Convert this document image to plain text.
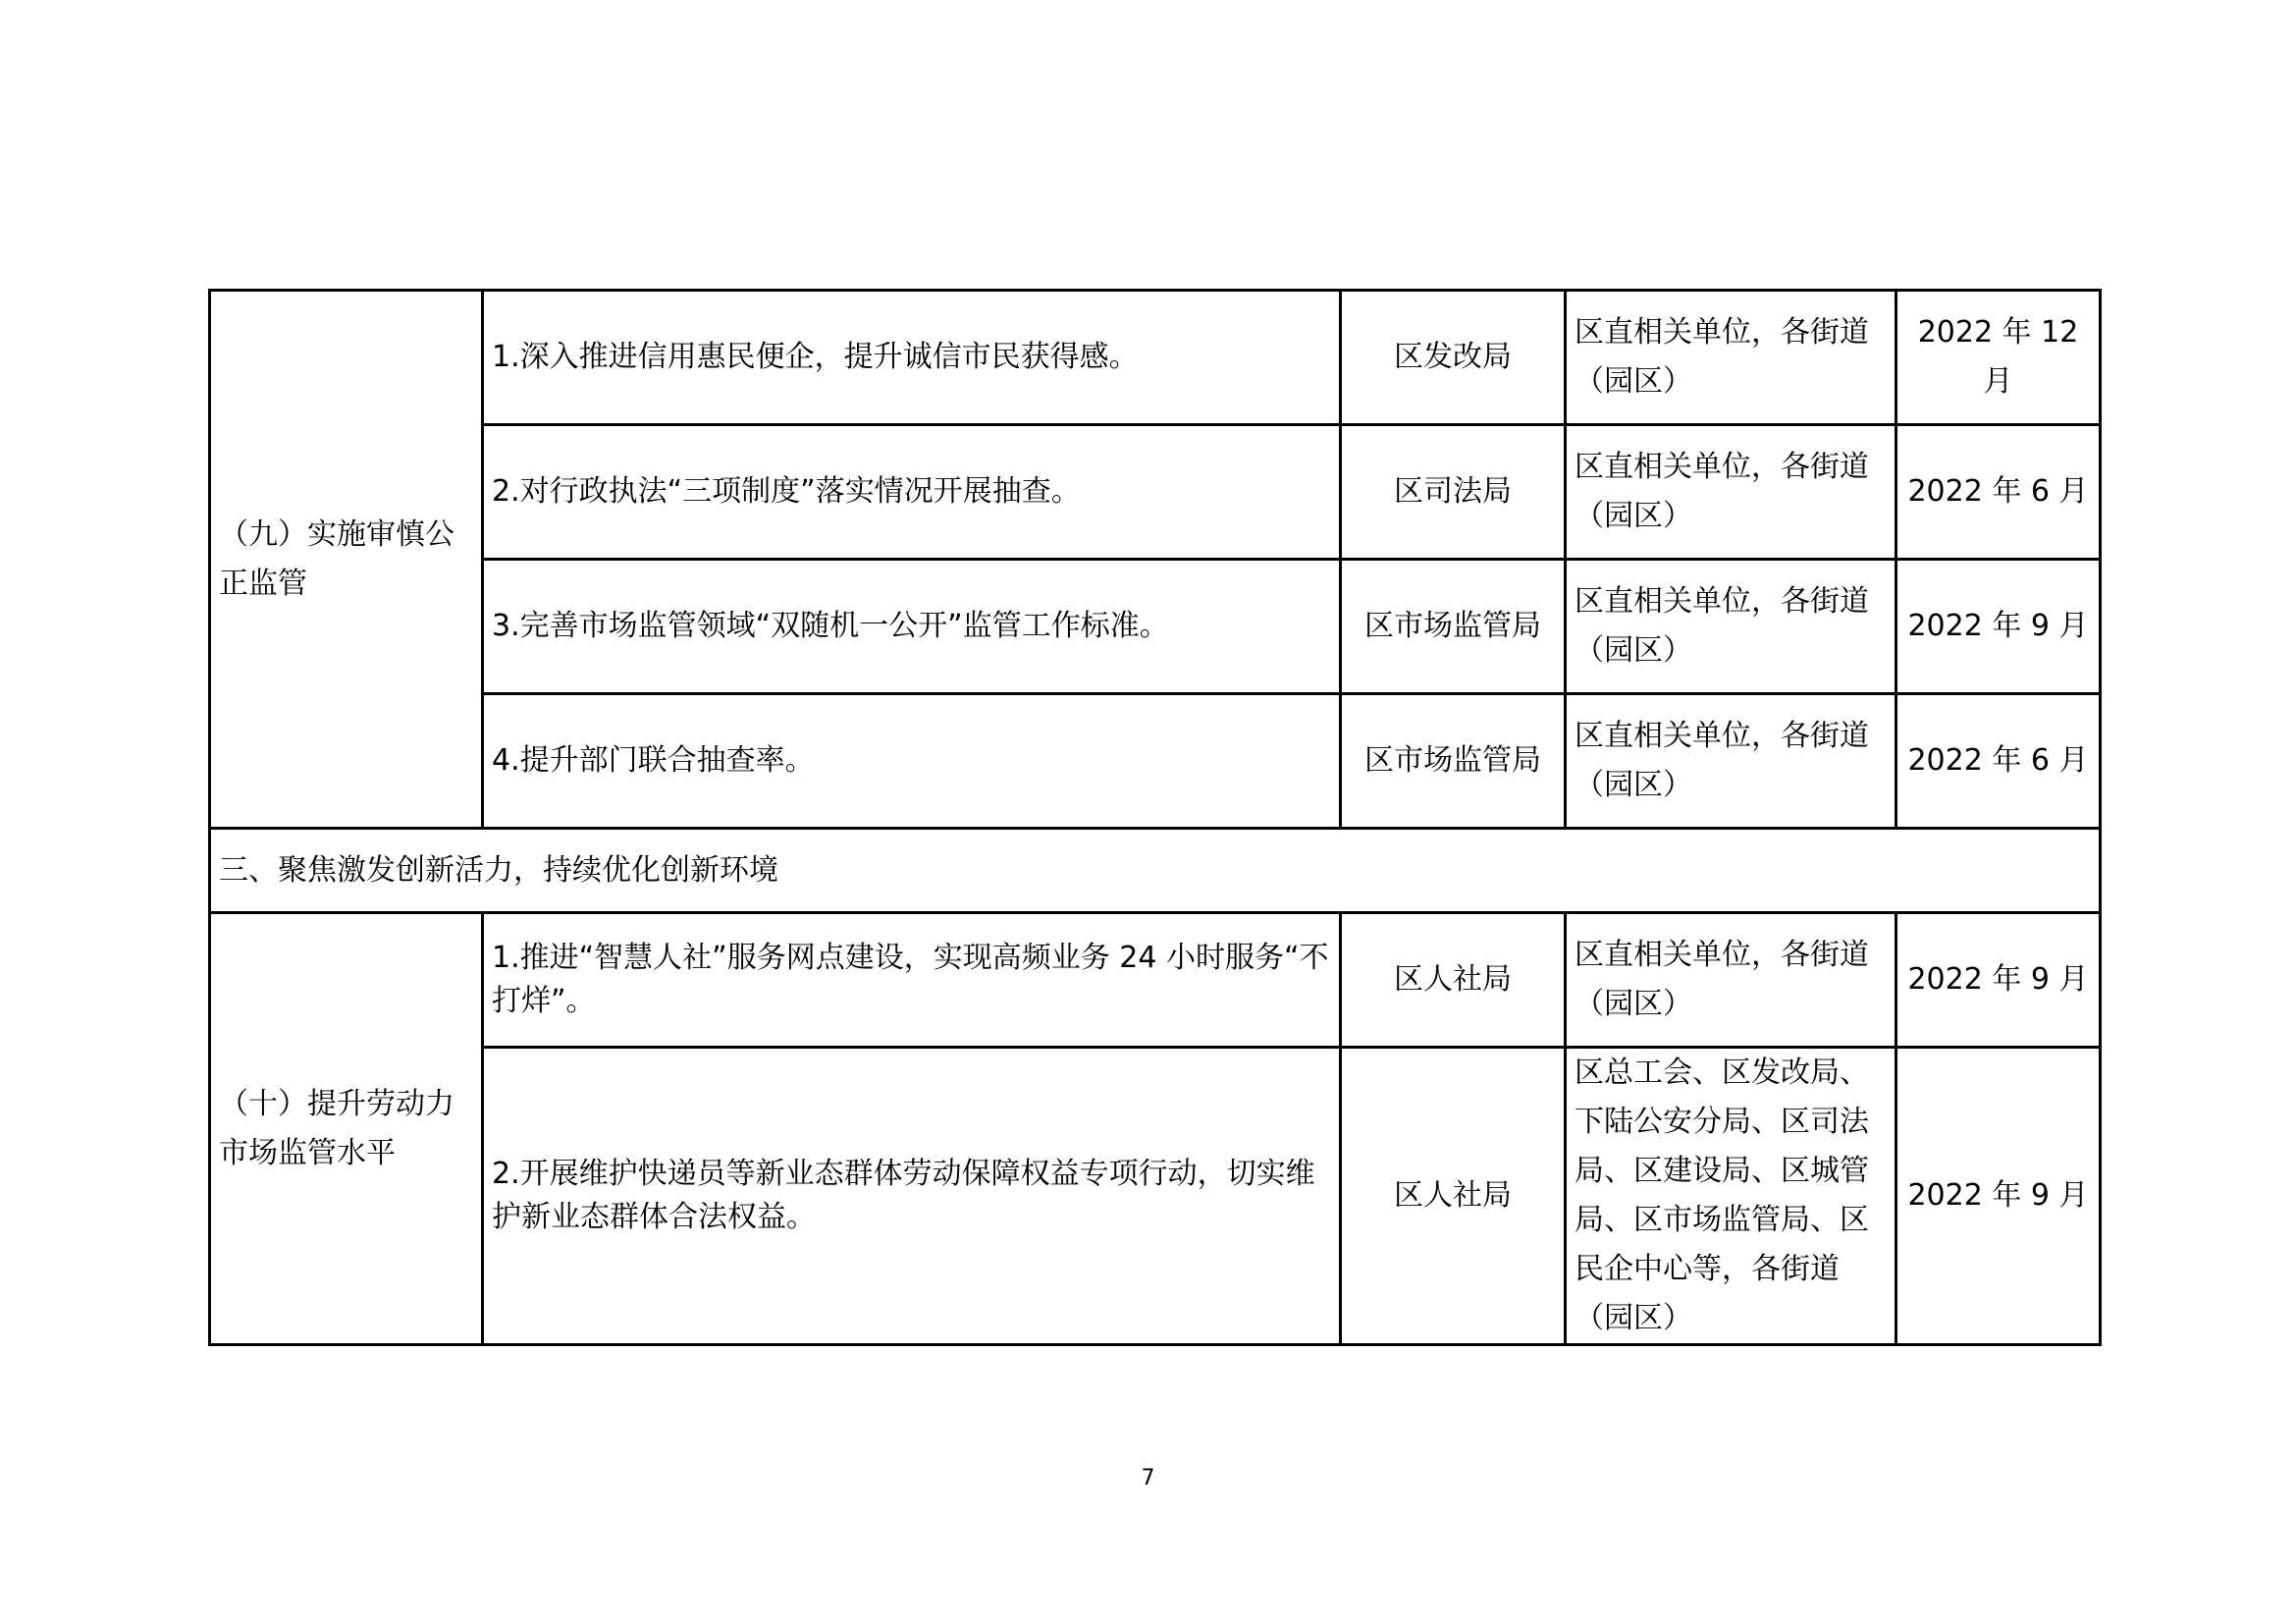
（九）实施审慎公正监管	1.深入推进信用惠民便企，提升诚信市民获得感。	区发改局	区直相关单位，各街道（园区）	2022 年 12 月
	2.对行政执法“三项制度”落实情况开展抽查。	区司法局	区直相关单位，各街道（园区）	2022 年 6 月
	3.完善市场监管领域“双随机一公开”监管工作标准。	区市场监管局	区直相关单位，各街道（园区）	2022 年 9 月
	4.提升部门联合抽查率。	区市场监管局	区直相关单位，各街道（园区）	2022 年 6 月
三、聚焦激发创新活力，持续优化创新环境				
（十）提升劳动力市场监管水平	1.推进“智慧人社”服务网点建设，实现高频业务 24 小时服务“不打烊”。	区人社局	区直相关单位，各街道（园区）	2022 年 9 月
	2.开展维护快递员等新业态群体劳动保障权益专项行动，切实维护新业态群体合法权益。	区人社局	区总工会、区发改局、下陆公安分局、区司法局、区建设局、区城管局、区市场监管局、区民企中心等，各街道（园区）	2022 年 9 月
7
